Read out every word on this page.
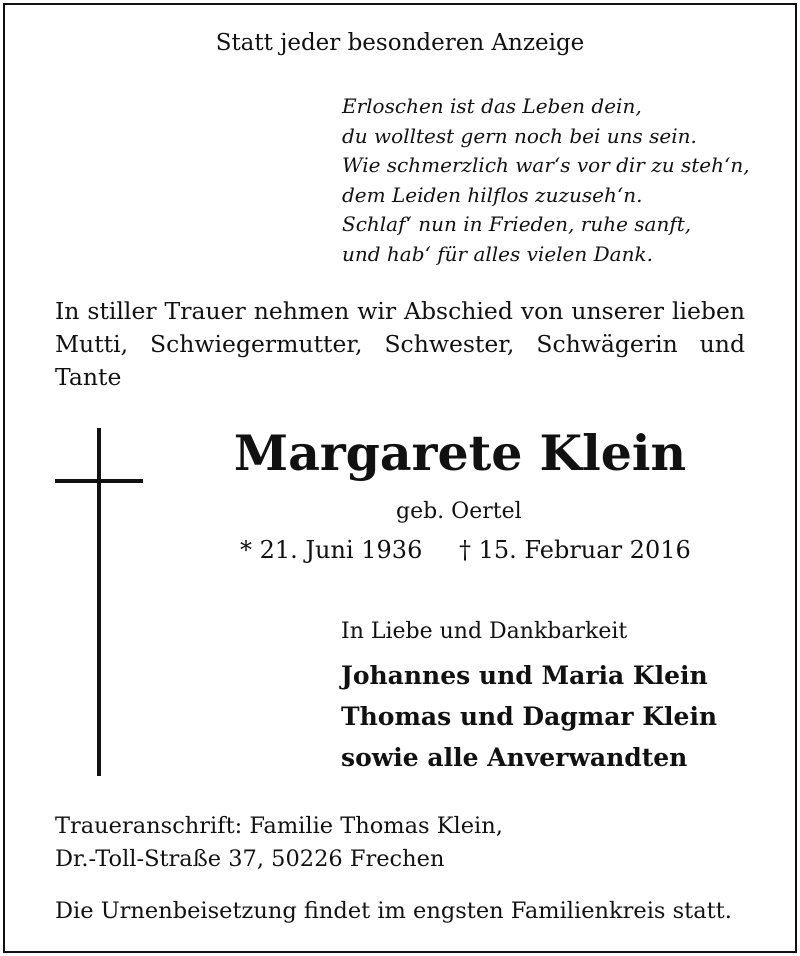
Statt jeder besonderen Anzeige
Erloschen ist das Leben dein,
du wolltest gern noch bei uns sein.
Wie schmerzlich war‘s vor dir zu steh‘n,
dem Leiden hilflos zuzuseh‘n.
Schlaf‘ nun in Frieden, ruhe sanft,
und hab‘ für alles vielen Dank.
In stiller Trauer nehmen wir Abschied von unserer lieben Mutti, Schwiegermutter, Schwester, Schwägerin und Tante
Margarete Klein
geb. Oertel
* 21. Juni 1936 † 15. Februar 2016
In Liebe und Dankbarkeit
Johannes und Maria Klein
Thomas und Dagmar Klein
sowie alle Anverwandten
Traueranschrift: Familie Thomas Klein,
Dr.-Toll-Straße 37, 50226 Frechen
Die Urnenbeisetzung findet im engsten Familienkreis statt.
